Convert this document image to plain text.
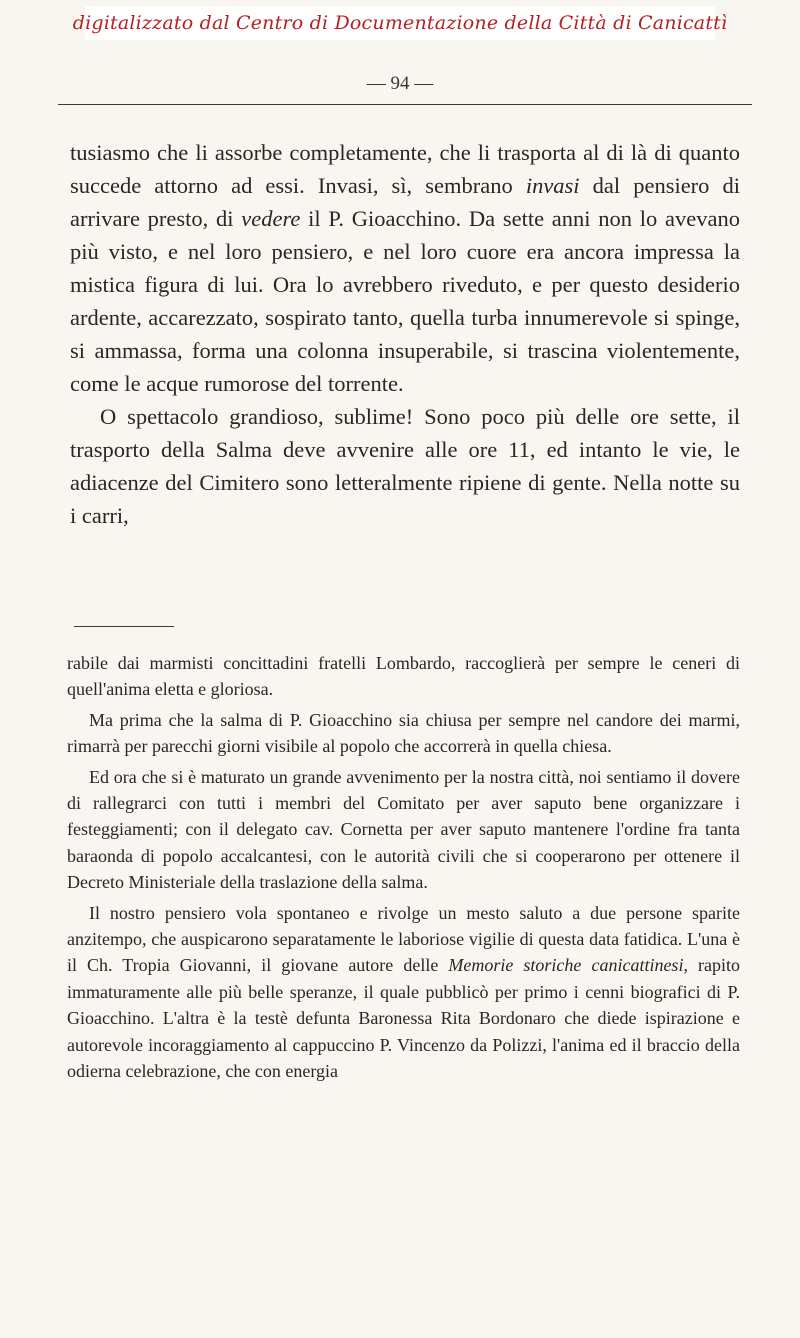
digitalizzato dal Centro di Documentazione della Città di Canicattì
— 94 —

tusiasmo che li assorbe completamente, che li trasporta al di là di quanto succede attorno ad essi. Invasi, sì, sembrano invasi dal pensiero di arrivare presto, di vedere il P. Gioacchino. Da sette anni non lo avevano più visto, e nel loro pensiero, e nel loro cuore era ancora impressa la mistica figura di lui. Ora lo avrebbero riveduto, e per questo desiderio ardente, accarezzato, sospirato tanto, quella turba innumerevole si spinge, si ammassa, forma una colonna insuperabile, si trascina violentemente, come le acque rumorose del torrente.

O spettacolo grandioso, sublime! Sono poco più delle ore sette, il trasporto della Salma deve avvenire alle ore 11, ed intanto le vie, le adiacenze del Cimitero sono letteralmente ripiene di gente. Nella notte su i carri,

rabile dai marmisti concittadini fratelli Lombardo, raccoglierà per sempre le ceneri di quell'anima eletta e gloriosa.

Ma prima che la salma di P. Gioacchino sia chiusa per sempre nel candore dei marmi, rimarrà per parecchi giorni visibile al popolo che accorrerà in quella chiesa.

Ed ora che si è maturato un grande avvenimento per la nostra città, noi sentiamo il dovere di rallegrarci con tutti i membri del Comitato per aver saputo bene organizzare i festeggiamenti; con il delegato cav. Cornetta per aver saputo mantenere l'ordine fra tanta baraonda di popolo accalcantesi, con le autorità civili che si cooperarono per ottenere il Decreto Ministeriale della traslazione della salma.

Il nostro pensiero vola spontaneo e rivolge un mesto saluto a due persone sparite anzitempo, che auspicarono separatamente le laboriose vigilie di questa data fatidica. L'una è il Ch. Tropia Giovanni, il giovane autore delle Memorie storiche canicattinesi, rapito immaturamente alle più belle speranze, il quale pubblicò per primo i cenni biografici di P. Gioacchino. L'altra è la testè defunta Baronessa Rita Bordonaro che diede ispirazione e autorevole incoraggiamento al cappuccino P. Vincenzo da Polizzi, l'anima ed il braccio della odierna celebrazione, che con energia
